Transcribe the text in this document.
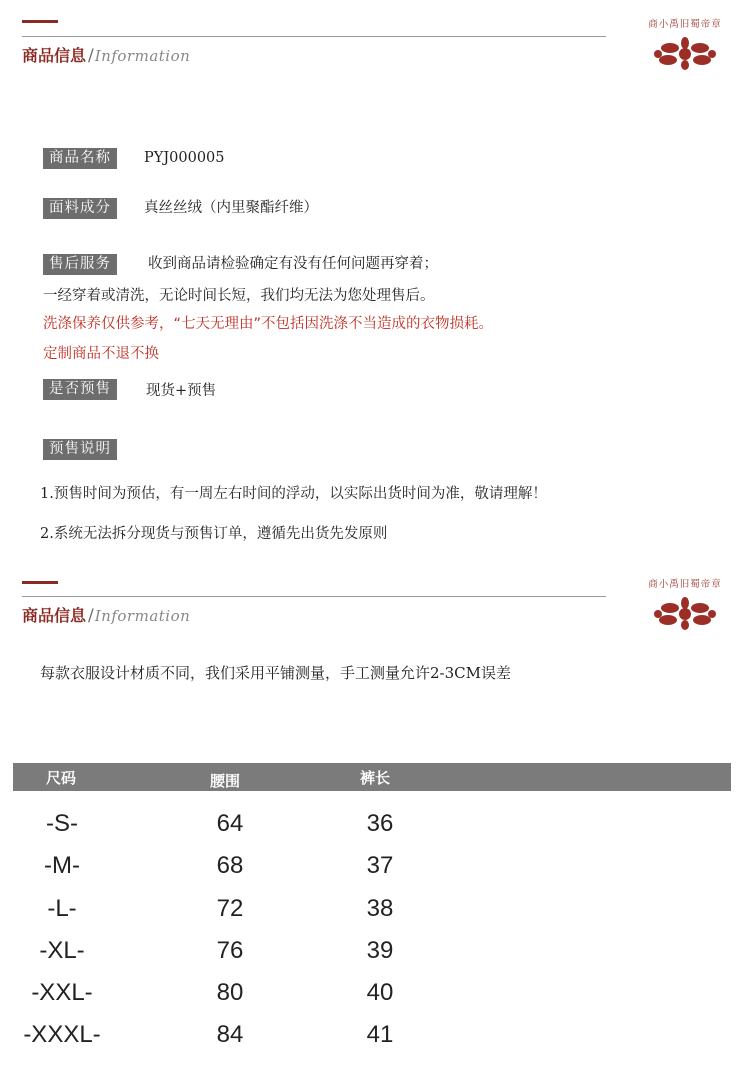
商品信息 / Information
商小禹旧蜀帝章
商品名称	PYJ000005
面料成分	真丝丝绒（内里聚酯纤维）
售后服务	收到商品请检验确定有没有任何问题再穿着；
一经穿着或清洗，无论时间长短，我们均无法为您处理售后。
洗涤保养仅供参考，“七天无理由”不包括因洗涤不当造成的衣物损耗。
定制商品不退不换
是否预售	现货+预售
预售说明
1.预售时间为预估，有一周左右时间的浮动，以实际出货时间为准，敬请理解！
2.系统无法拆分现货与预售订单，遵循先出货先发原则
商品信息 / Information
商小禹旧蜀帝章
每款衣服设计材质不同，我们采用平铺测量，手工测量允许2-3CM误差
尺码	腰围	裤长
-S-	64	36
-M-	68	37
-L-	72	38
-XL-	76	39
-XXL-	80	40
-XXXL-	84	41
